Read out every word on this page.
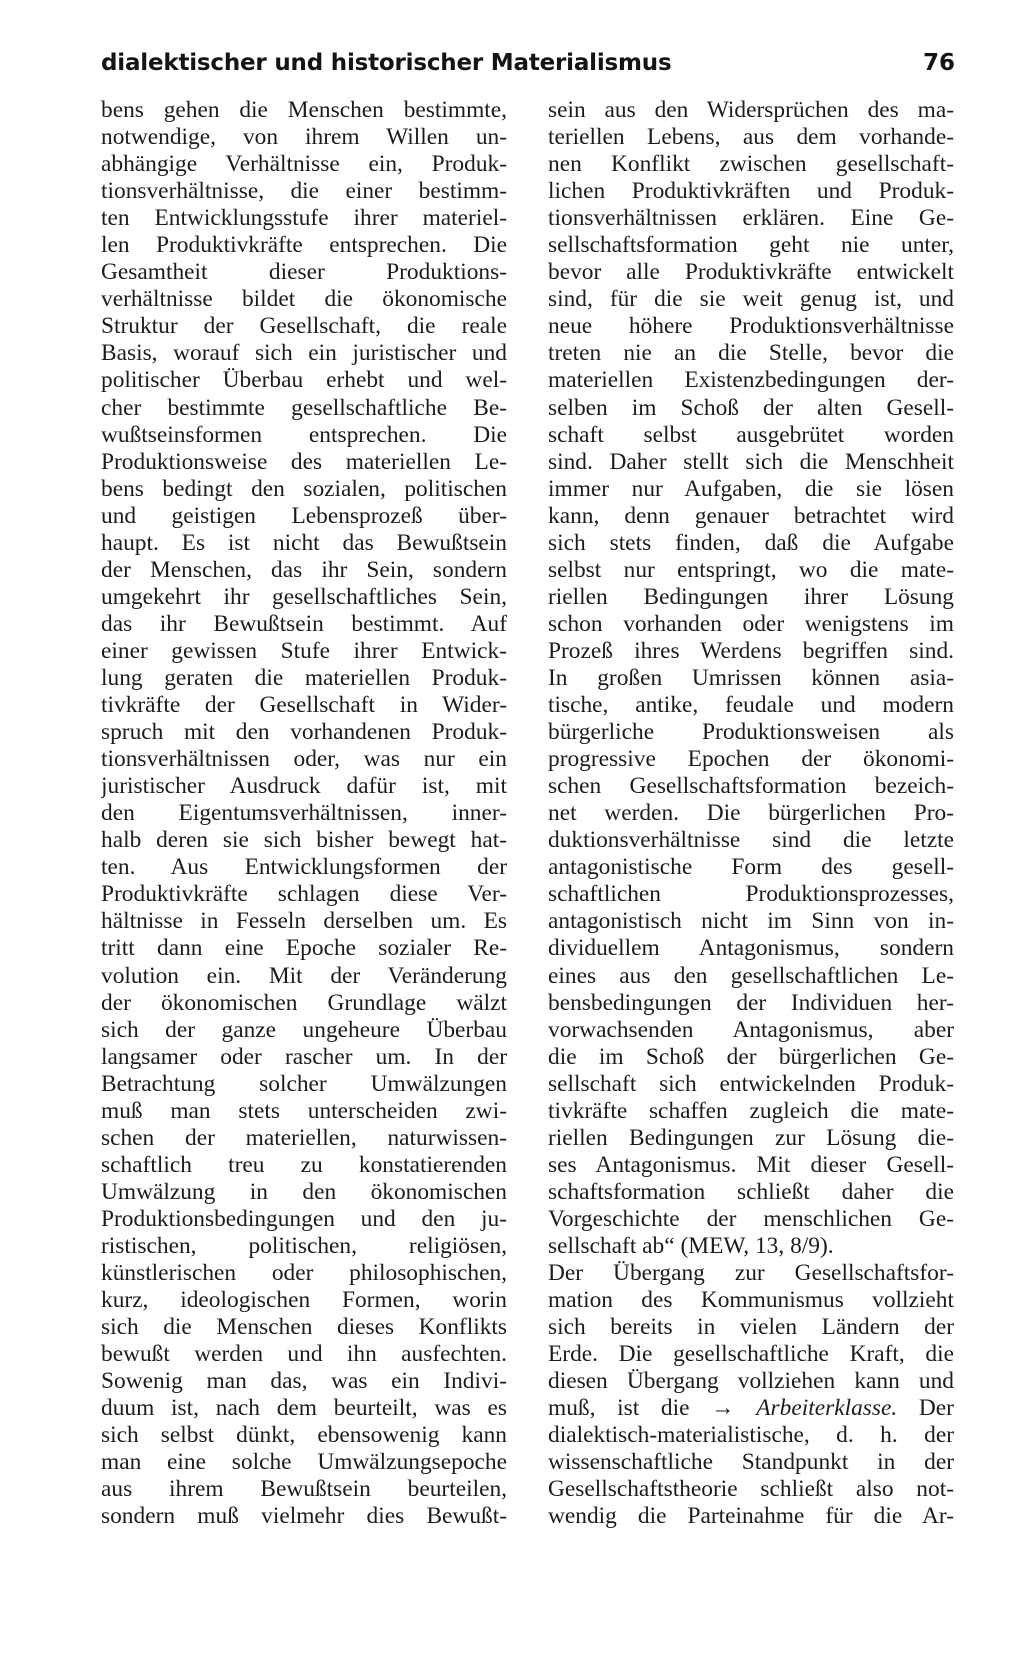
dialektischer und historischer Materialismus	76
bens gehen die Menschen bestimmte,
notwendige, von ihrem Willen un-
abhängige Verhältnisse ein, Produk-
tionsverhältnisse, die einer bestimm-
ten Entwicklungsstufe ihrer materiel-
len Produktivkräfte entsprechen. Die
Gesamtheit dieser Produktions-
verhältnisse bildet die ökonomische
Struktur der Gesellschaft, die reale
Basis, worauf sich ein juristischer und
politischer Überbau erhebt und wel-
cher bestimmte gesellschaftliche Be-
wußtseinsformen entsprechen. Die
Produktionsweise des materiellen Le-
bens bedingt den sozialen, politischen
und geistigen Lebensprozeß über-
haupt. Es ist nicht das Bewußtsein
der Menschen, das ihr Sein, sondern
umgekehrt ihr gesellschaftliches Sein,
das ihr Bewußtsein bestimmt. Auf
einer gewissen Stufe ihrer Entwick-
lung geraten die materiellen Produk-
tivkräfte der Gesellschaft in Wider-
spruch mit den vorhandenen Produk-
tionsverhältnissen oder, was nur ein
juristischer Ausdruck dafür ist, mit
den Eigentumsverhältnissen, inner-
halb deren sie sich bisher bewegt hat-
ten. Aus Entwicklungsformen der
Produktivkräfte schlagen diese Ver-
hältnisse in Fesseln derselben um. Es
tritt dann eine Epoche sozialer Re-
volution ein. Mit der Veränderung
der ökonomischen Grundlage wälzt
sich der ganze ungeheure Überbau
langsamer oder rascher um. In der
Betrachtung solcher Umwälzungen
muß man stets unterscheiden zwi-
schen der materiellen, naturwissen-
schaftlich treu zu konstatierenden
Umwälzung in den ökonomischen
Produktionsbedingungen und den ju-
ristischen, politischen, religiösen,
künstlerischen oder philosophischen,
kurz, ideologischen Formen, worin
sich die Menschen dieses Konflikts
bewußt werden und ihn ausfechten.
Sowenig man das, was ein Indivi-
duum ist, nach dem beurteilt, was es
sich selbst dünkt, ebensowenig kann
man eine solche Umwälzungsepoche
aus ihrem Bewußtsein beurteilen,
sondern muß vielmehr dies Bewußt-
sein aus den Widersprüchen des ma-
teriellen Lebens, aus dem vorhande-
nen Konflikt zwischen gesellschaft-
lichen Produktivkräften und Produk-
tionsverhältnissen erklären. Eine Ge-
sellschaftsformation geht nie unter,
bevor alle Produktivkräfte entwickelt
sind, für die sie weit genug ist, und
neue höhere Produktionsverhältnisse
treten nie an die Stelle, bevor die
materiellen Existenzbedingungen der-
selben im Schoß der alten Gesell-
schaft selbst ausgebrütet worden
sind. Daher stellt sich die Menschheit
immer nur Aufgaben, die sie lösen
kann, denn genauer betrachtet wird
sich stets finden, daß die Aufgabe
selbst nur entspringt, wo die mate-
riellen Bedingungen ihrer Lösung
schon vorhanden oder wenigstens im
Prozeß ihres Werdens begriffen sind.
In großen Umrissen können asia-
tische, antike, feudale und modern
bürgerliche Produktionsweisen als
progressive Epochen der ökonomi-
schen Gesellschaftsformation bezeich-
net werden. Die bürgerlichen Pro-
duktionsverhältnisse sind die letzte
antagonistische Form des gesell-
schaftlichen Produktionsprozesses,
antagonistisch nicht im Sinn von in-
dividuellem Antagonismus, sondern
eines aus den gesellschaftlichen Le-
bensbedingungen der Individuen her-
vorwachsenden Antagonismus, aber
die im Schoß der bürgerlichen Ge-
sellschaft sich entwickelnden Produk-
tivkräfte schaffen zugleich die mate-
riellen Bedingungen zur Lösung die-
ses Antagonismus. Mit dieser Gesell-
schaftsformation schließt daher die
Vorgeschichte der menschlichen Ge-
sellschaft ab“ (MEW, 13, 8/9).
Der Übergang zur Gesellschaftsfor-
mation des Kommunismus vollzieht
sich bereits in vielen Ländern der
Erde. Die gesellschaftliche Kraft, die
diesen Übergang vollziehen kann und
muß, ist die → Arbeiterklasse. Der
dialektisch-materialistische, d. h. der
wissenschaftliche Standpunkt in der
Gesellschaftstheorie schließt also not-
wendig die Parteinahme für die Ar-
